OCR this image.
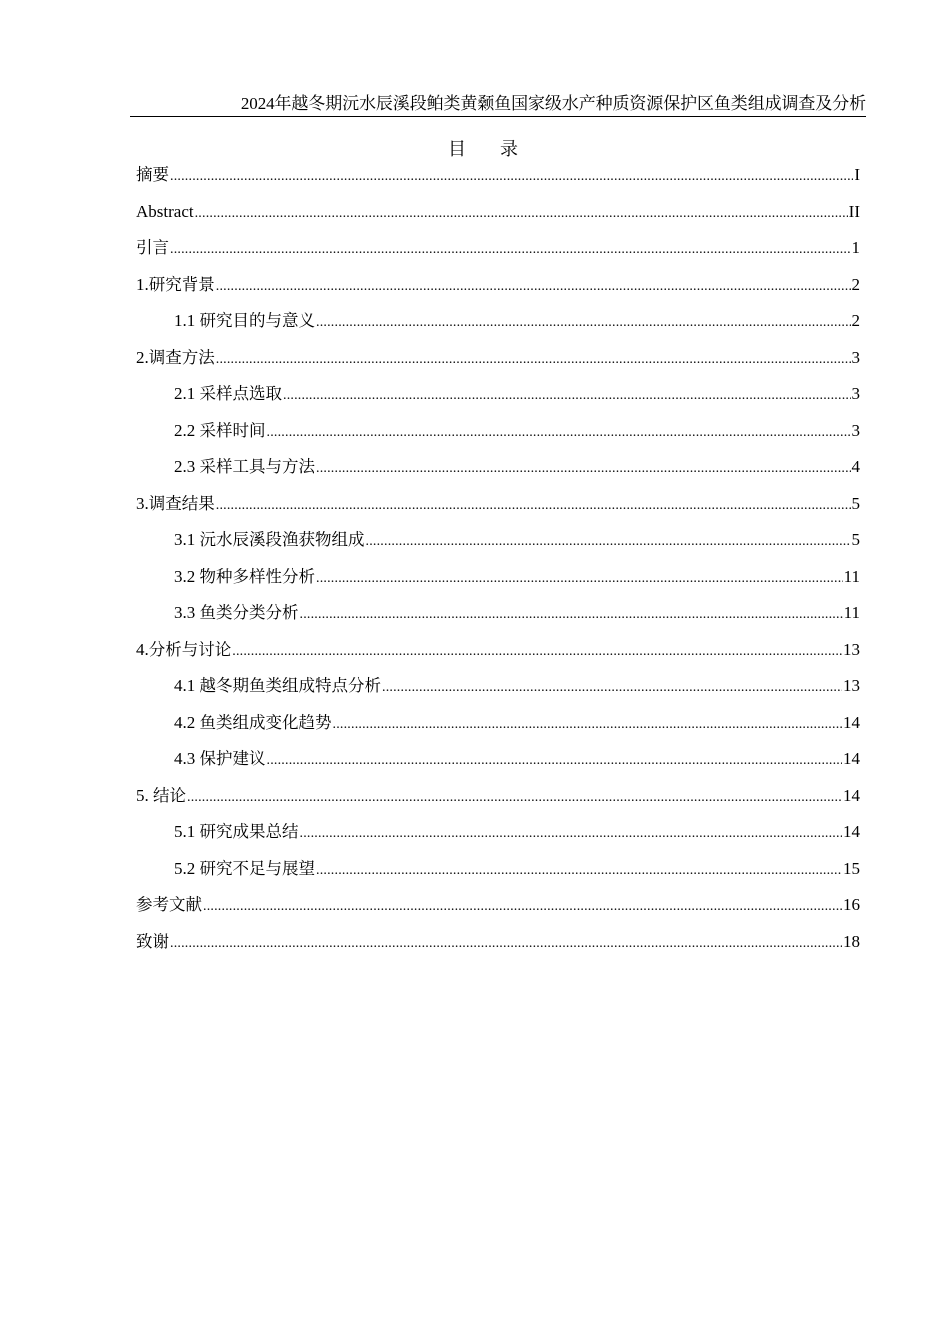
2024年越冬期沅水辰溪段鲌类黄颡鱼国家级水产种质资源保护区鱼类组成调查及分析
目录
摘要 .....	I
Abstract .....	II
引言 .....	1
1.研究背景 .....	2
1.1 研究目的与意义 .....	2
2.调查方法 .....	3
2.1 采样点选取 .....	3
2.2 采样时间 .....	3
2.3 采样工具与方法 .....	4
3.调查结果 .....	5
3.1 沅水辰溪段渔获物组成 .....	5
3.2 物种多样性分析 .....	11
3.3 鱼类分类分析 .....	11
4.分析与讨论 .....	13
4.1 越冬期鱼类组成特点分析 .....	13
4.2 鱼类组成变化趋势 .....	14
4.3 保护建议 .....	14
5. 结论 .....	14
5.1 研究成果总结 .....	14
5.2 研究不足与展望 .....	15
参考文献 .....	16
致谢 .....	18
